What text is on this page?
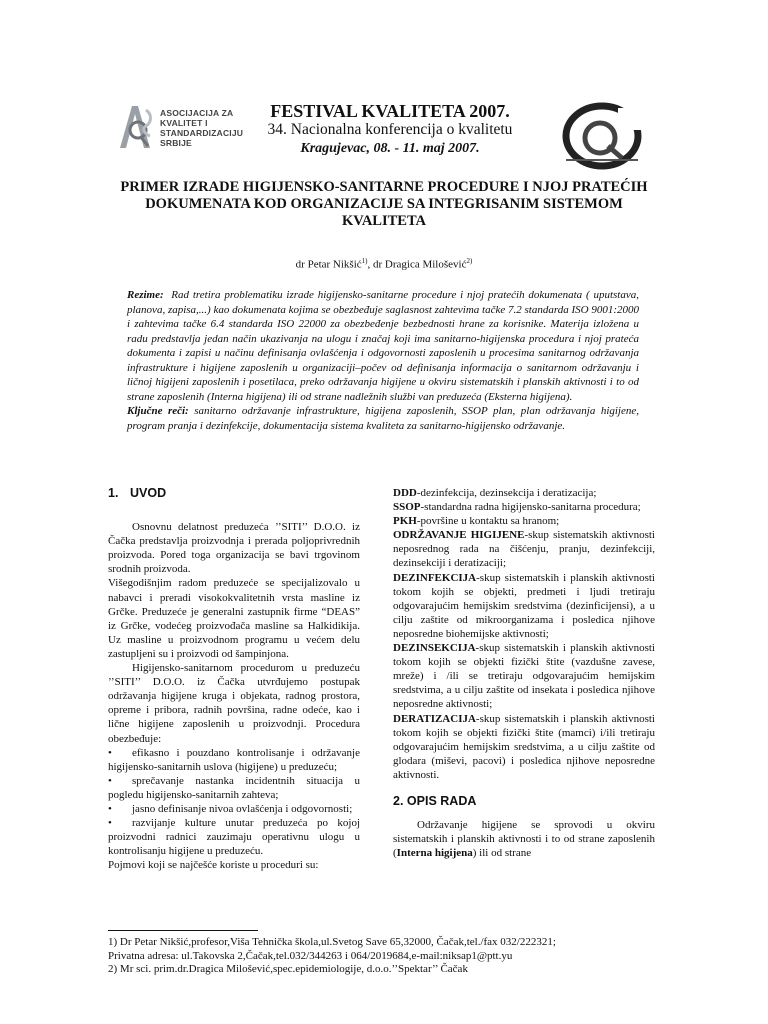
ASOCIJACIJA ZA
KVALITET I
STANDARDIZACIJU
SRBIJE
FESTIVAL KVALITETA 2007.
34. Nacionalna konferencija o kvalitetu
Kragujevac, 08. - 11. maj 2007.
PRIMER IZRADE HIGIJENSKO-SANITARNE PROCEDURE I NJOJ PRATEĆIH DOKUMENATA KOD ORGANIZACIJE SA INTEGRISANIM SISTEMOM KVALITETA
dr Petar Nikšić$^{1)}$, dr Dragica Milošević$^{2)}$

Rezime: Rad tretira problematiku izrade higijensko-sanitarne procedure i njoj pratećih dokumenata ( uputstava, planova, zapisa,...) kao dokumenata kojima se obezbeđuje saglasnost zahtevima tačke 7.2 standarda ISO 9001:2000 i zahtevima tačke 6.4 standarda ISO 22000 za obezbeđenje bezbednosti hrane za korisnike. Materija izložena u radu predstavlja jedan način ukazivanja na ulogu i značaj koji ima sanitarno-higijenska procedura i njoj prateća dokumenta i zapisi u načinu definisanja ovlašćenja i odgovornosti zaposlenih u procesima sanitarnog održavanja infrastrukture i higijene zaposlenih u organizaciji–počev od definisanja informacija o sanitarnom održavanju i ličnoj higijeni zaposlenih i posetilaca, preko održavanja higijene u okviru sistematskih i planskih aktivnosti i to od strane zaposlenih (Interna higijena) ili od strane nadležnih službi van preduzeća (Eksterna higijena).

Ključne reči: sanitarno održavanje infrastrukture, higijena zaposlenih, SSOP plan, plan održavanja higijene, program pranja i dezinfekcije, dokumentacija sistema kvaliteta za sanitarno-higijensko održavanje.

1. UVOD

Osnovnu delatnost preduzeća ’’SITI’’ D.O.O. iz Čačka predstavlja proizvodnja i prerada poljoprivrednih proizvoda. Pored toga organizacija se bavi trgovinom srodnih proizvoda.

Višegodišnjim radom preduzeće se specijalizovalo u nabavci i preradi visokokvalitetnih vrsta masline iz Grčke. Preduzeće je generalni zastupnik firme “DEAS” iz Grčke, vodećeg proizvođača masline sa Halkidikija. Uz masline u proizvodnom programu u većem delu zastupljeni su i proizvodi od šampinjona.

Higijensko-sanitarnom procedurom u preduzeću ’’SITI’’ D.O.O. iz Čačka utvrđujemo postupak održavanja higijene kruga i objekata, radnog prostora, opreme i pribora, radnih površina, radne odeće, kao i lične higijene zaposlenih u proizvodnji. Procedura obezbeđuje:

• efikasno i pouzdano kontrolisanje i održavanje higijensko-sanitarnih uslova (higijene) u preduzeću;

• sprečavanje nastanka incidentnih situacija u pogledu higijensko-sanitarnih zahteva;

• jasno definisanje nivoa ovlašćenja i odgovornosti;

• razvijanje kulture unutar preduzeća po kojoj proizvodni radnici zauzimaju operativnu ulogu u kontrolisanju higijene u preduzeću.

Pojmovi koji se najčešće koriste u proceduri su:

DDD-dezinfekcija, dezinsekcija i deratizacija;

SSOP-standardna radna higijensko-sanitarna procedura;

PKH-površine u kontaktu sa hranom;

ODRŽAVANJE HIGIJENE-skup sistematskih aktivnosti neposrednog rada na čišćenju, pranju, dezinfekciji, dezinsekciji i deratizaciji;

DEZINFEKCIJA-skup sistematskih i planskih aktivnosti tokom kojih se objekti, predmeti i ljudi tretiraju odgovarajućim hemijskim sredstvima (dezinficijensi), a u cilju zaštite od mikroorganizama i posledica njihove neposredne biohemijske aktivnosti;

DEZINSEKCIJA-skup sistematskih i planskih aktivnosti tokom kojih se objekti fizički štite (vazdušne zavese, mreže) i /ili se tretiraju odgovarajućim hemijskim sredstvima, a u cilju zaštite od insekata i posledica njihove neposredne aktivnosti;

DERATIZACIJA-skup sistematskih i planskih aktivnosti tokom kojih se objekti fizički štite (mamci) i/ili tretiraju odgovarajućim hemijskim sredstvima, a u cilju zaštite od glodara (miševi, pacovi) i posledica njihove neposredne aktivnosti.

2. OPIS RADA

Održavanje higijene se sprovodi u okviru sistematskih i planskih aktivnosti i to od strane zaposlenih (Interna higijena) ili od strane

1) Dr Petar Nikšić,profesor,Viša Tehnička škola,ul.Svetog Save 65,32000, Čačak,tel./fax 032/222321;
Privatna adresa: ul.Takovska 2,Čačak,tel.032/344263 i 064/2019684,e-mail:niksap1@ptt.yu
2) Mr sci. prim.dr.Dragica Milošević,spec.epidemiologije, d.o.o.’’Spektar’’ Čačak
